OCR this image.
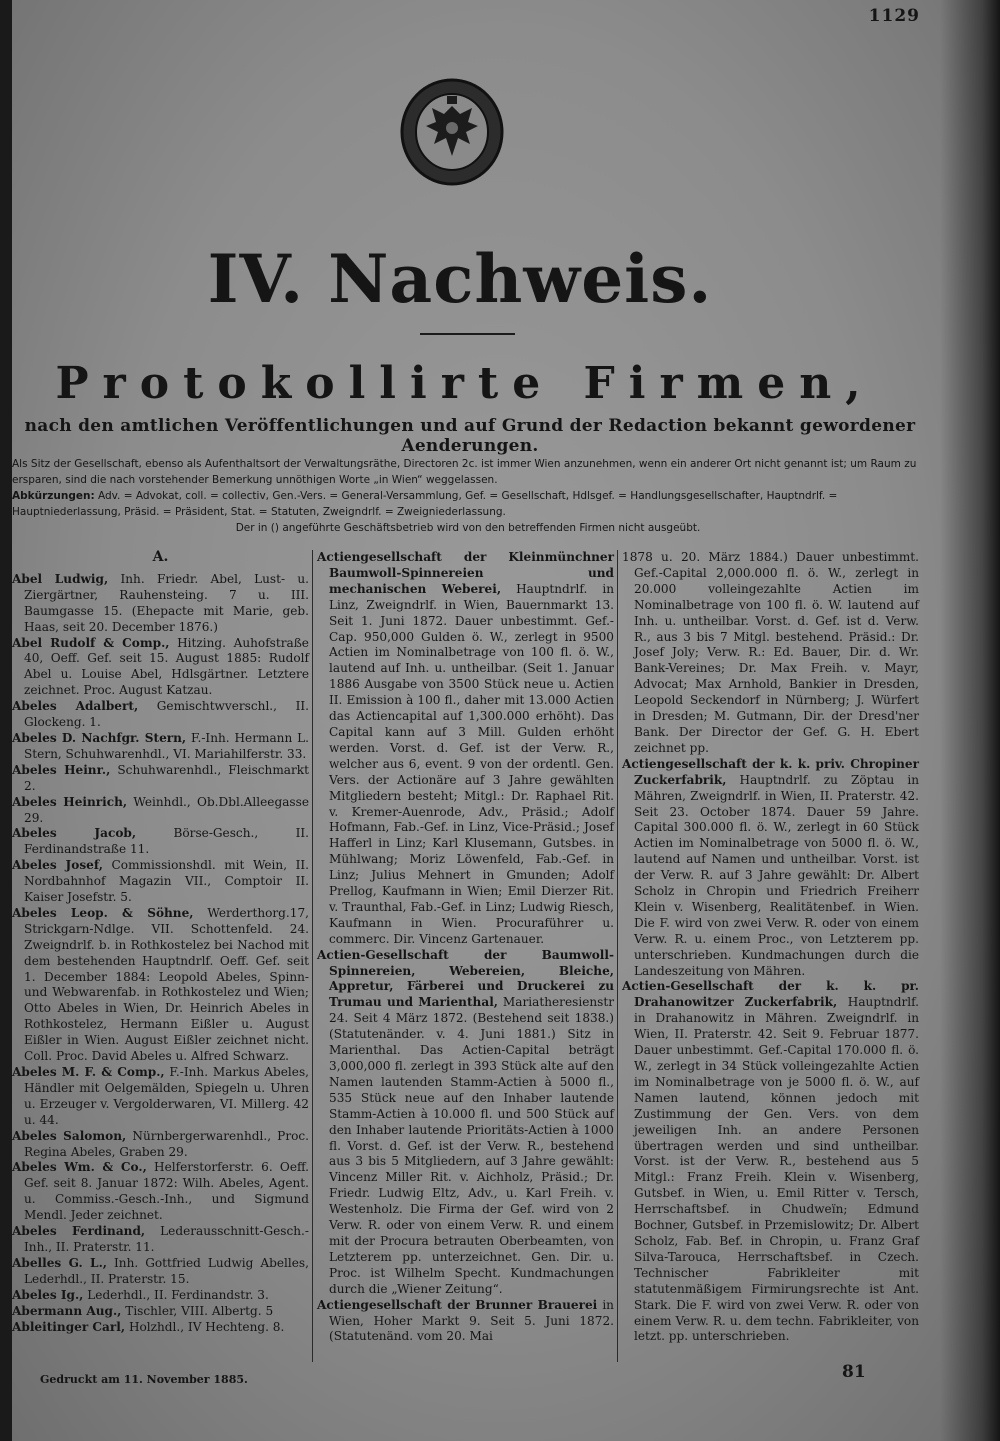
1129
IV. Nachweis.
Protokollirte Firmen,
nach den amtlichen Veröffentlichungen und auf Grund der Redaction bekannt gewordener Aenderungen.

Als Sitz der Gesellschaft, ebenso als Aufenthaltsort der Verwaltungsräthe, Directoren 2c. ist immer Wien anzunehmen, wenn ein anderer Ort nicht genannt ist; um Raum zu ersparen, sind die nach vorstehender Bemerkung unnöthigen Worte „in Wien“ weggelassen.

Abkürzungen: Adv. = Advokat, coll. = collectiv, Gen.-Vers. = General-Versammlung, Gef. = Gesellschaft, Hdlsgef. = Handlungsgesellschafter, Hauptndrlf. = Hauptniederlassung, Präsid. = Präsident, Stat. = Statuten, Zweigndrlf. = Zweigniederlassung.

Der in () angeführte Geschäftsbetrieb wird von den betreffenden Firmen nicht ausgeübt.

A.

Abel Ludwig, Inh. Friedr. Abel, Lust- u. Ziergärtner, Rauhensteing. 7 u. III. Baumgasse 15. (Ehepacte mit Marie, geb. Haas, seit 20. December 1876.)

Abel Rudolf & Comp., Hitzing. Auhofstraße 40, Oeff. Gef. seit 15. August 1885: Rudolf Abel u. Louise Abel, Hdlsgärtner. Letztere zeichnet. Proc. August Katzau.

Abeles Adalbert, Gemischtwverschl., II. Glockeng. 1.

Abeles D. Nachfgr. Stern, F.-Inh. Hermann L. Stern, Schuhwarenhdl., VI. Mariahilferstr. 33.

Abeles Heinr., Schuhwarenhdl., Fleischmarkt 2.

Abeles Heinrich, Weinhdl., Ob.Dbl.Alleegasse 29.

Abeles Jacob,	Börse-Gesch., II. Ferdinandstraße 11.

Abeles Josef, Commissionshdl. mit Wein, II. Nordbahnhof Magazin VII., Comptoir II. Kaiser Josefstr. 5.

Abeles Leop. & Söhne, Werderthorg.17, Strickgarn-Ndlge. VII. Schottenfeld. 24. Zweigndrlf. b. in Rothkostelez bei Nachod mit dem bestehenden Hauptndrlf. Oeff. Gef. seit 1. December 1884: Leopold Abeles, Spinn- und Webwarenfab. in Rothkostelez und Wien; Otto Abeles in Wien, Dr. Heinrich Abeles in Rothkostelez, Hermann Eißler u. August Eißler in Wien. August Eißler zeichnet nicht. Coll. Proc. David Abeles u. Alfred Schwarz.

Abeles M. F. & Comp., F.-Inh. Markus Abeles, Händler mit Oelgemälden, Spiegeln u. Uhren u. Erzeuger v. Vergolderwaren, VI. Millerg. 42 u. 44.

Abeles Salomon, Nürnbergerwarenhdl., Proc. Regina Abeles, Graben 29.

Abeles Wm. & Co., Helferstorferstr. 6. Oeff. Gef. seit 8. Januar 1872: Wilh. Abeles, Agent. u. Commiss.-Gesch.-Inh., und Sigmund Mendl. Jeder zeichnet.

Abeles Ferdinand, Lederausschnitt-Gesch.-Inh., II. Praterstr. 11.

Abelles G. L., Inh. Gottfried Ludwig Abelles, Lederhdl., II. Praterstr. 15.

Abeles Ig., Lederhdl., II. Ferdinandstr. 3.

Abermann Aug., Tischler, VIII. Albertg. 5

Ableitinger Carl, Holzhdl., IV Hechteng. 8.

Actiengesellschaft der Kleinmünchner Baumwoll-Spinnereien und mechanischen Weberei, Hauptndrlf. in Linz, Zweigndrlf. in Wien, Bauernmarkt 13. Seit 1. Juni 1872. Dauer unbestimmt. Gef.-Cap. 950,000 Gulden ö. W., zerlegt in 9500 Actien im Nominalbetrage von 100 fl. ö. W., lautend auf Inh. u. untheilbar. (Seit 1. Januar 1886 Ausgabe von 3500 Stück neue u. Actien II. Emission à 100 fl., daher mit 13.000 Actien das Actiencapital auf 1,300.000 erhöht). Das Capital kann auf 3 Mill. Gulden erhöht werden. Vorst. d. Gef. ist der Verw. R., welcher aus 6, event. 9 von der ordentl. Gen. Vers. der Actionäre auf 3 Jahre gewählten Mitgliedern besteht; Mitgl.: Dr. Raphael Rit. v. Kremer-Auenrode, Adv., Präsid.; Adolf Hofmann, Fab.-Gef. in Linz, Vice-Präsid.; Josef Hafferl in Linz; Karl Klusemann, Gutsbes. in Mühlwang; Moriz Löwenfeld, Fab.-Gef. in Linz; Julius Mehnert in Gmunden; Adolf Prellog, Kaufmann in Wien; Emil Dierzer Rit. v. Traunthal, Fab.-Gef. in Linz; Ludwig Riesch, Kaufmann in Wien. Procuraführer u. commerc. Dir. Vincenz Gartenauer.

Actien-Gesellschaft der Baumwoll-Spinnereien, Webereien, Bleiche, Appretur, Färberei und Druckerei zu Trumau und Marienthal, Mariatheresienstr 24. Seit 4 März 1872. (Bestehend seit 1838.) (Statutenänder. v. 4. Juni 1881.) Sitz in Marienthal. Das Actien-Capital beträgt 3,000,000 fl. zerlegt in 393 Stück alte auf den Namen lautenden Stamm-Actien à 5000 fl., 535 Stück neue auf den Inhaber lautende Stamm-Actien à 10.000 fl. und 500 Stück auf den Inhaber lautende Prioritäts-Actien à 1000 fl. Vorst. d. Gef. ist der Verw. R., bestehend aus 3 bis 5 Mitgliedern, auf 3 Jahre gewählt: Vincenz Miller Rit. v. Aichholz, Präsid.; Dr. Friedr. Ludwig Eltz, Adv., u. Karl Freih. v. Westenholz. Die Firma der Gef. wird von 2 Verw. R. oder von einem Verw. R. und einem mit der Procura betrauten Oberbeamten, von Letzterem pp. unterzeichnet. Gen. Dir. u. Proc. ist Wilhelm Specht. Kundmachungen durch die „Wiener Zeitung“.

Actiengesellschaft der Brunner Brauerei in Wien, Hoher Markt 9. Seit 5. Juni 1872. (Statutenänd. vom 20. Mai

1878 u. 20. März 1884.) Dauer unbestimmt. Gef.-Capital 2,000.000 fl. ö. W., zerlegt in 20.000 volleingezahlte Actien im Nominalbetrage von 100 fl. ö. W. lautend auf Inh. u. untheilbar. Vorst. d. Gef. ist d. Verw. R., aus 3 bis 7 Mitgl. bestehend. Präsid.: Dr. Josef Joly; Verw. R.: Ed. Bauer, Dir. d. Wr. Bank-Vereines; Dr. Max Freih. v. Mayr, Advocat; Max Arnhold, Bankier in Dresden, Leopold Seckendorf in Nürnberg; J. Würfert in Dresden; M. Gutmann, Dir. der Dresd'ner Bank. Der Director der Gef. G. H. Ebert zeichnet pp.

Actiengesellschaft der k. k. priv. Chropiner Zuckerfabrik, Hauptndrlf. zu Zöptau in Mähren, Zweigndrlf. in Wien, II. Praterstr. 42. Seit 23. October 1874. Dauer 59 Jahre. Capital 300.000 fl. ö. W., zerlegt in 60 Stück Actien im Nominalbetrage von 5000 fl. ö. W., lautend auf Namen und untheilbar. Vorst. ist der Verw. R. auf 3 Jahre gewählt: Dr. Albert Scholz in Chropin und Friedrich Freiherr Klein v. Wisenberg, Realitätenbef. in Wien. Die F. wird von zwei Verw. R. oder von einem Verw. R. u. einem Proc., von Letzterem pp. unterschrieben. Kundmachungen durch die Landeszeitung von Mähren.

Actien-Gesellschaft der k. k. pr. Drahanowitzer Zuckerfabrik, Hauptndrlf. in Drahanowitz in Mähren. Zweigndrlf. in Wien, II. Praterstr. 42. Seit 9. Februar 1877. Dauer unbestimmt. Gef.-Capital 170.000 fl. ö. W., zerlegt in 34 Stück volleingezahlte Actien im Nominalbetrage von je 5000 fl. ö. W., auf Namen lautend, können jedoch mit Zustimmung der Gen. Vers. von dem jeweiligen Inh. an andere Personen übertragen werden und sind untheilbar. Vorst. ist der Verw. R., bestehend aus 5 Mitgl.: Franz Freih. Klein v. Wisenberg, Gutsbef. in Wien, u. Emil Ritter v. Tersch, Herrschaftsbef. in Chudweïn; Edmund Bochner, Gutsbef. in Przemislowitz; Dr. Albert Scholz, Fab. Bef. in Chropin, u. Franz Graf Silva-Tarouca, Herrschaftsbef. in Czech. Technischer Fabrikleiter mit statutenmäßigem Firmirungsrechte ist Ant. Stark. Die F. wird von zwei Verw. R. oder von einem Verw. R. u. dem techn. Fabrikleiter, von letzt. pp. unterschrieben.

Gedruckt am 11. November 1885.	81
